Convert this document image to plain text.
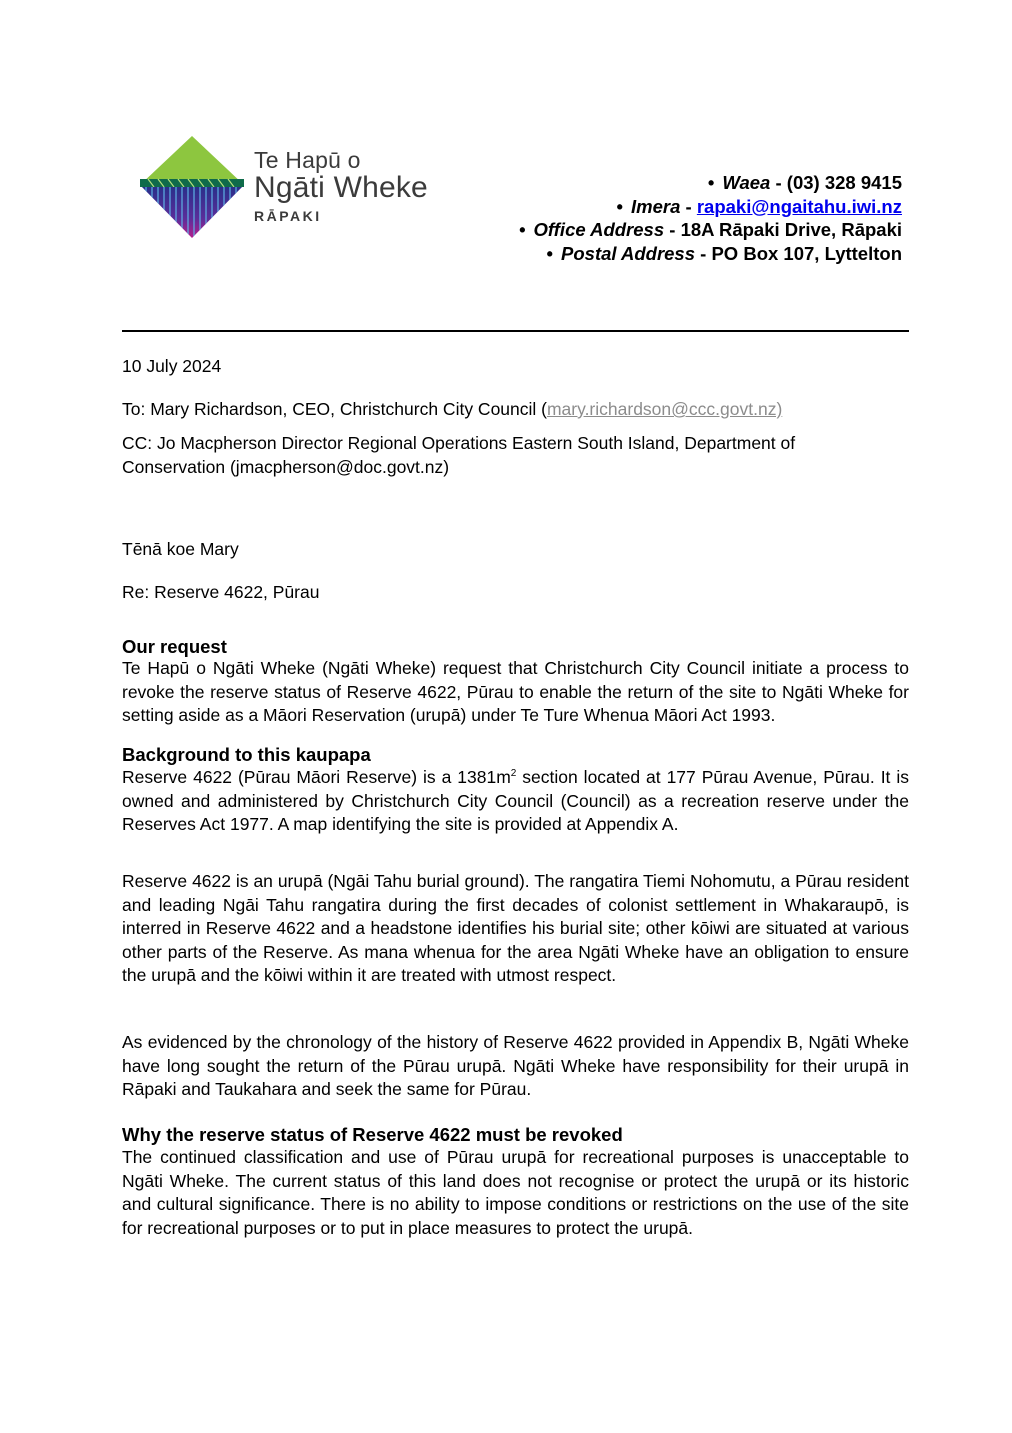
Te Hapū o
Ngāti Wheke
RĀPAKI
• Waea - (03) 328 9415
• Imera - rapaki@ngaitahu.iwi.nz
• Office Address - 18A Rāpaki Drive, Rāpaki
• Postal Address - PO Box 107, Lyttelton
10 July 2024
To: Mary Richardson, CEO, Christchurch City Council (mary.richardson@ccc.govt.nz)
CC: Jo Macpherson Director Regional Operations Eastern South Island, Department of Conservation (jmacpherson@doc.govt.nz)
Tēnā koe Mary
Re: Reserve 4622, Pūrau
Our request
Te Hapū o Ngāti Wheke (Ngāti Wheke) request that Christchurch City Council initiate a process to revoke the reserve status of Reserve 4622, Pūrau to enable the return of the site to Ngāti Wheke for setting aside as a Māori Reservation (urupā) under Te Ture Whenua Māori Act 1993.
Background to this kaupapa
Reserve 4622 (Pūrau Māori Reserve) is a $1381m^2$ section located at 177 Pūrau Avenue, Pūrau. It is owned and administered by Christchurch City Council (Council) as a recreation reserve under the Reserves Act 1977. A map identifying the site is provided at Appendix A.
Reserve 4622 is an urupā (Ngāi Tahu burial ground). The rangatira Tiemi Nohomutu, a Pūrau resident and leading Ngāi Tahu rangatira during the first decades of colonist settlement in Whakaraupō, is interred in Reserve 4622 and a headstone identifies his burial site; other kōiwi are situated at various other parts of the Reserve. As mana whenua for the area Ngāti Wheke have an obligation to ensure the urupā and the kōiwi within it are treated with utmost respect.
As evidenced by the chronology of the history of Reserve 4622 provided in Appendix B, Ngāti Wheke have long sought the return of the Pūrau urupā. Ngāti Wheke have responsibility for their urupā in Rāpaki and Taukahara and seek the same for Pūrau.
Why the reserve status of Reserve 4622 must be revoked
The continued classification and use of Pūrau urupā for recreational purposes is unacceptable to Ngāti Wheke. The current status of this land does not recognise or protect the urupā or its historic and cultural significance. There is no ability to impose conditions or restrictions on the use of the site for recreational purposes or to put in place measures to protect the urupā.
